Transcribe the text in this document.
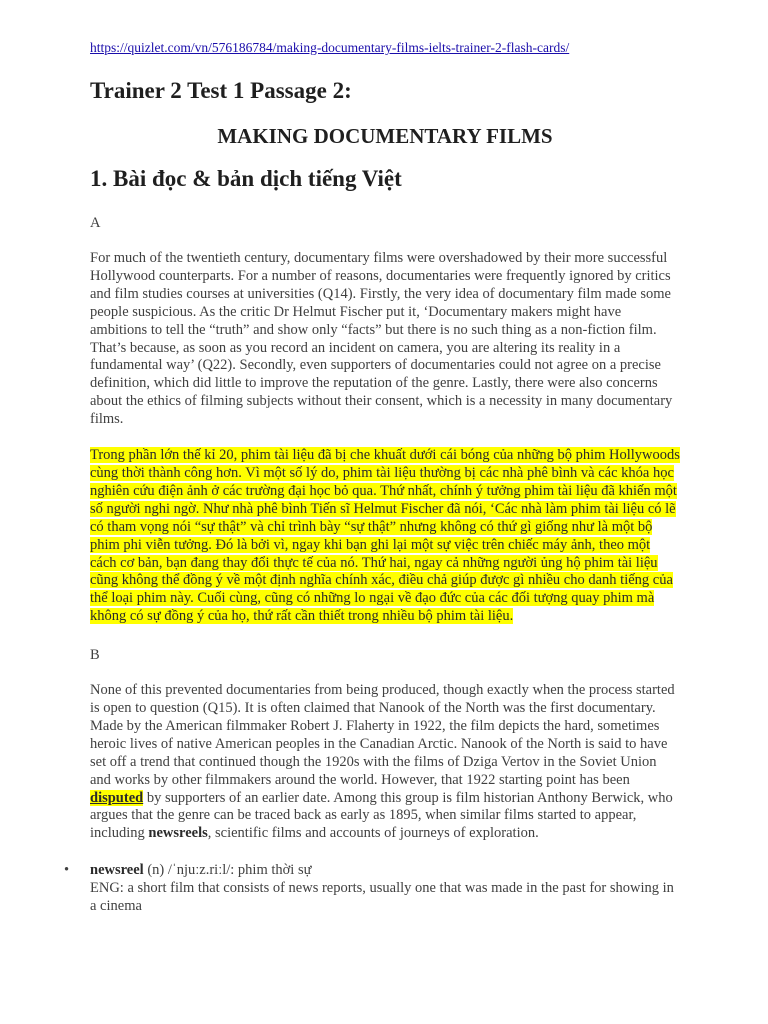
https://quizlet.com/vn/576186784/making-documentary-films-ielts-trainer-2-flash-cards/
Trainer 2 Test 1 Passage 2:
MAKING DOCUMENTARY FILMS
1. Bài đọc & bản dịch tiếng Việt
A
For much of the twentieth century, documentary films were overshadowed by their more successful Hollywood counterparts. For a number of reasons, documentaries were frequently ignored by critics and film studies courses at universities (Q14). Firstly, the very idea of documentary film made some people suspicious. As the critic Dr Helmut Fischer put it, ‘Documentary makers might have ambitions to tell the “truth” and show only “facts” but there is no such thing as a non-fiction film. That’s because, as soon as you record an incident on camera, you are altering its reality in a fundamental way’ (Q22). Secondly, even supporters of documentaries could not agree on a precise definition, which did little to improve the reputation of the genre. Lastly, there were also concerns about the ethics of filming subjects without their consent, which is a necessity in many documentary films.
Trong phần lớn thế kỉ 20, phim tài liệu đã bị che khuất dưới cái bóng của những bộ phim Hollywoods cùng thời thành công hơn. Vì một số lý do, phim tài liệu thường bị các nhà phê bình và các khóa học nghiên cứu điện ảnh ở các trường đại học bỏ qua. Thứ nhất, chính ý tưởng phim tài liệu đã khiến một số người nghi ngờ. Như nhà phê bình Tiến sĩ Helmut Fischer đã nói, ‘Các nhà làm phim tài liệu có lẽ có tham vọng nói “sự thật” và chỉ trình bày “sự thật” nhưng không có thứ gì giống như là một bộ phim phi viễn tưởng. Đó là bởi vì, ngay khi bạn ghi lại một sự việc trên chiếc máy ảnh, theo một cách cơ bản, bạn đang thay đổi thực tế của nó. Thứ hai, ngay cả những người ủng hộ phim tài liệu cũng không thể đồng ý về một định nghĩa chính xác, điều chả giúp được gì nhiều cho danh tiếng của thể loại phim này. Cuối cùng, cũng có những lo ngại về đạo đức của các đối tượng quay phim mà không có sự đồng ý của họ, thứ rất cần thiết trong nhiều bộ phim tài liệu.
B
None of this prevented documentaries from being produced, though exactly when the process started is open to question (Q15). It is often claimed that Nanook of the North was the first documentary. Made by the American filmmaker Robert J. Flaherty in 1922, the film depicts the hard, sometimes heroic lives of native American peoples in the Canadian Arctic. Nanook of the North is said to have set off a trend that continued though the 1920s with the films of Dziga Vertov in the Soviet Union and works by other filmmakers around the world. However, that 1922 starting point has been disputed by supporters of an earlier date. Among this group is film historian Anthony Berwick, who argues that the genre can be traced back as early as 1895, when similar films started to appear, including newsreels, scientific films and accounts of journeys of exploration.
• newsreel (n) /ˈnjuːz.riːl/: phim thời sự
ENG: a short film that consists of news reports, usually one that was made in the past for showing in a cinema
